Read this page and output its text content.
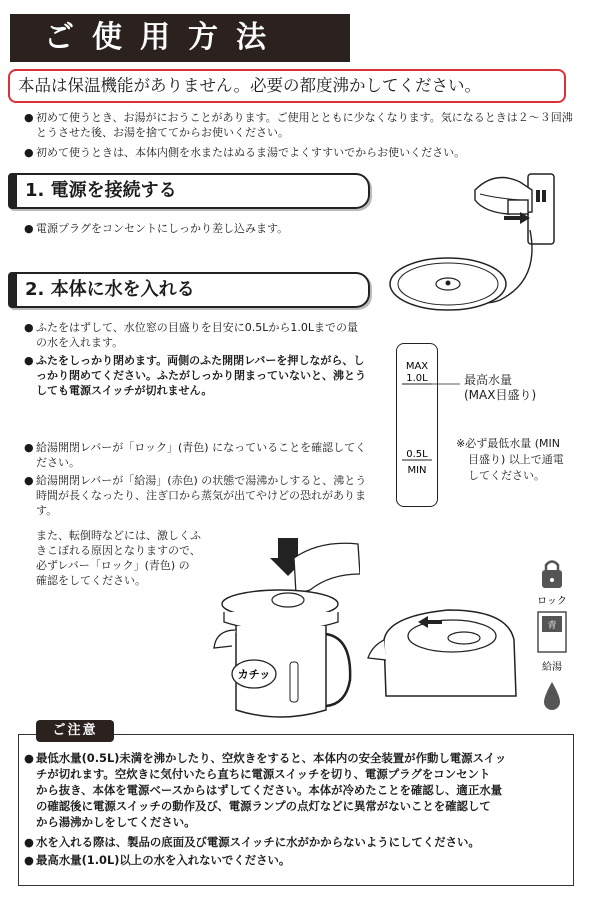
ご使用方法
本品は保温機能がありません。必要の都度沸かしてください。
● 初めて使うとき、お湯がにおうことがあります。ご使用とともに少なくなります。気になるときは２～３回沸とうさせた後、お湯を捨ててからお使いください。
● 初めて使うときは、本体内側を水またはぬるま湯でよくすすいでからお使いください。
1. 電源を接続する
● 電源プラグをコンセントにしっかり差し込みます。
2. 本体に水を入れる
● ふたをはずして、水位窓の目盛りを目安に0.5Lから1.0Lまでの量の水を入れます。
● ふたをしっかり閉めます。両側のふた開閉レバーを押しながら、しっかり閉めてください。ふたがしっかり閉まっていないと、沸とうしても電源スイッチが切れません。
● 給湯開閉レバーが「ロック」(青色) になっていることを確認してください。
● 給湯開閉レバーが「給湯」(赤色) の状態で湯沸かしすると、沸とう時間が長くなったり、注ぎ口から蒸気が出てやけどの恐れがあります。
また、転倒時などには、激しくふ
きこぼれる原因となりますので、
必ずレバー「ロック」(青色) の
確認をしてください。
MAX
1.0L
0.5L
MIN
最高水量
(MAX目盛り)
※必ず最低水量 (MIN
目盛り) 以上で通電
してください。
カチッ
ロック
青
給湯
ご注意
● 最低水量(0.5L)未満を沸かしたり、空炊きをすると、本体内の安全装置が作動し電源スイッ
チが切れます。空炊きに気付いたら直ちに電源スイッチを切り、電源プラグをコンセント
から抜き、本体を電源ベースからはずしてください。本体が冷めたことを確認し、適正水量
の確認後に電源スイッチの動作及び、電源ランプの点灯などに異常がないことを確認して
から湯沸かしをしてください。
● 水を入れる際は、製品の底面及び電源スイッチに水がかからないようにしてください。
● 最高水量(1.0L)以上の水を入れないでください。
